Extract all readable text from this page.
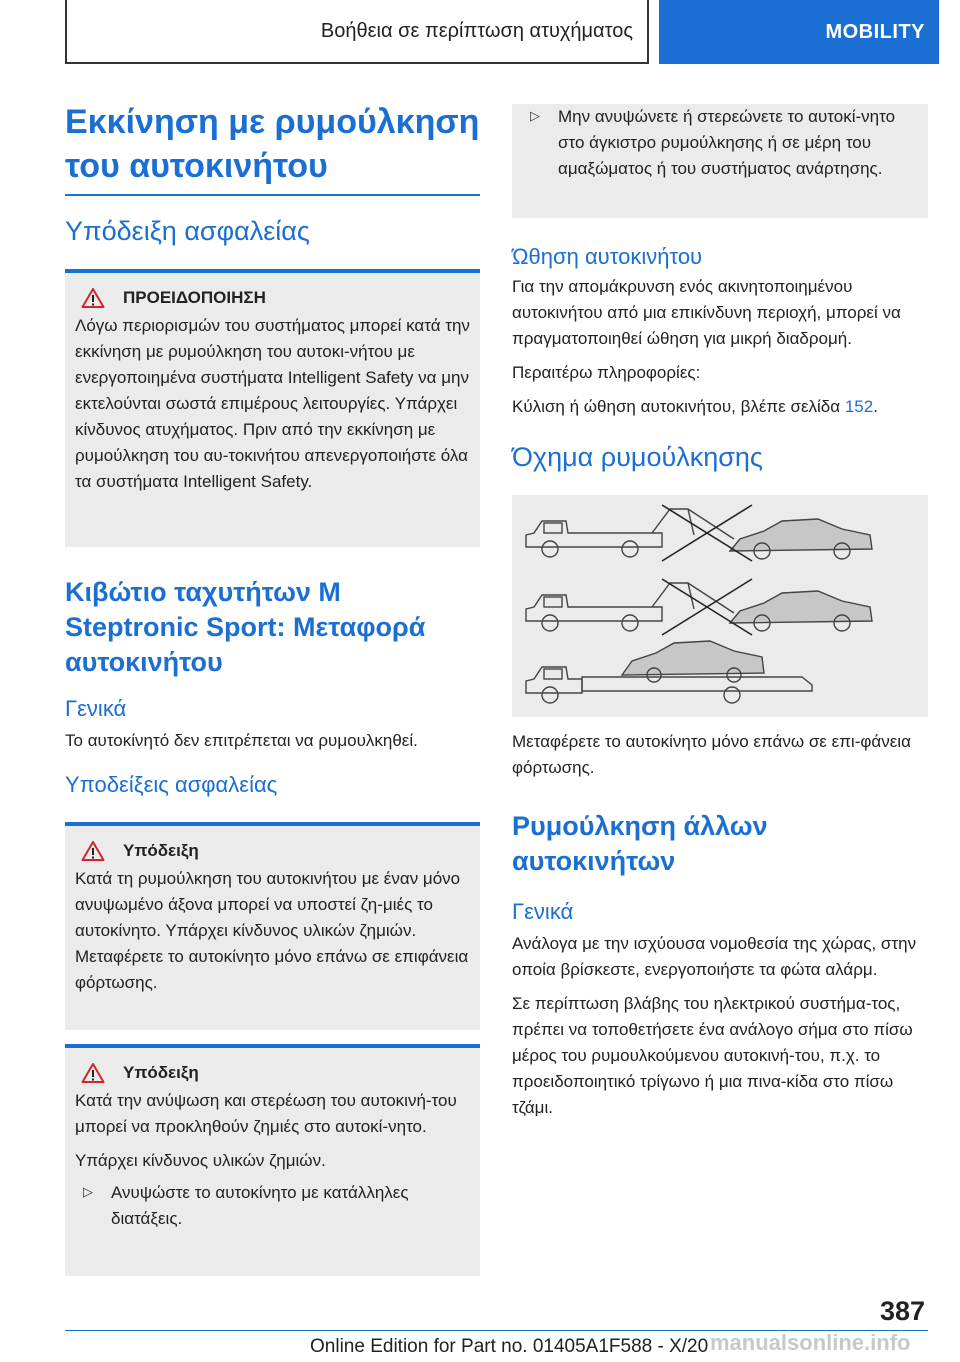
Βοήθεια σε περίπτωση ατυχήματος	MOBILITY
Εκκίνηση με ρυμούλκηση του αυτοκινήτου
Υπόδειξη ασφαλείας
ΠΡΟΕΙΔΟΠΟΙΗΣΗ

Λόγω περιορισμών του συστήματος μπορεί κατά την εκκίνηση με ρυμούλκηση του αυτοκι-νήτου με ενεργοποιημένα συστήματα Intelligent Safety να μην εκτελούνται σωστά επιμέρους λειτουργίες. Υπάρχει κίνδυνος ατυχήματος. Πριν από την εκκίνηση με ρυμούλκηση του αυ-τοκινήτου απενεργοποιήστε όλα τα συστήματα Intelligent Safety.

Κιβώτιο ταχυτήτων M Steptronic Sport: Μεταφορά αυτοκινήτου
Γενικά

Το αυτοκίνητό δεν επιτρέπεται να ρυμουλκηθεί.

Υποδείξεις ασφαλείας
Υπόδειξη

Κατά τη ρυμούλκηση του αυτοκινήτου με έναν μόνο ανυψωμένο άξονα μπορεί να υποστεί ζη-μιές το αυτοκίνητο. Υπάρχει κίνδυνος υλικών ζημιών. Μεταφέρετε το αυτοκίνητο μόνο επάνω σε επιφάνεια φόρτωσης.

Υπόδειξη

Κατά την ανύψωση και στερέωση του αυτοκινή-του μπορεί να προκληθούν ζημιές στο αυτοκί-νητο.

Υπάρχει κίνδυνος υλικών ζημιών.

▷ Ανυψώστε το αυτοκίνητο με κατάλληλες διατάξεις.

▷ Μην ανυψώνετε ή στερεώνετε το αυτοκί-νητο στο άγκιστρο ρυμούλκησης ή σε μέρη του αμαξώματος ή του συστήματος ανάρτησης.

Ώθηση αυτοκινήτου

Για την απομάκρυνση ενός ακινητοποιημένου αυτοκινήτου από μια επικίνδυνη περιοχή, μπορεί να πραγματοποιηθεί ώθηση για μικρή διαδρομή.

Περαιτέρω πληροφορίες:

Κύλιση ή ώθηση αυτοκινήτου, βλέπε σελίδα 152.

Όχημα ρυμούλκησης

Μεταφέρετε το αυτοκίνητο μόνο επάνω σε επι-φάνεια φόρτωσης.

Ρυμούλκηση άλλων αυτοκινήτων
Γενικά

Ανάλογα με την ισχύουσα νομοθεσία της χώρας, στην οποία βρίσκεστε, ενεργοποιήστε τα φώτα αλάρμ.

Σε περίπτωση βλάβης του ηλεκτρικού συστήμα-τος, πρέπει να τοποθετήσετε ένα ανάλογο σήμα στο πίσω μέρος του ρυμουλκούμενου αυτοκινή-του, π.χ. το προειδοποιητικό τρίγωνο ή μια πινα-κίδα στο πίσω τζάμι.

387
Online Edition for Part no. 01405A1F588 - X/20 manualsonline.info
